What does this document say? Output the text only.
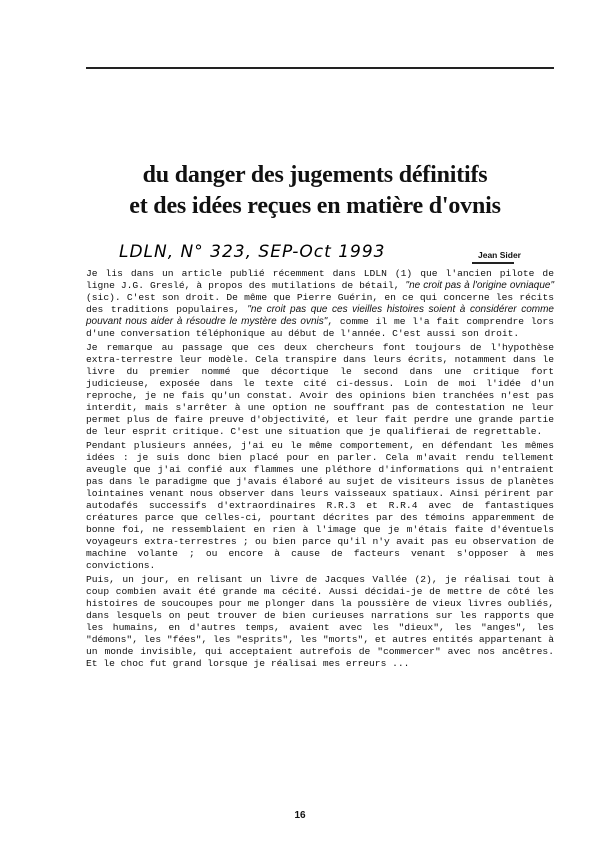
du danger des jugements définitifs
et des idées reçues en matière d'ovnis
LDLN, N° 323, SEP-Oct 1993	Jean Sider

Je lis dans un article publié récemment dans LDLN (1) que l'ancien pilote de ligne J.G. Greslé, à propos des mutilations de bétail, "ne croit pas à l'origine ovniaque" (sic). C'est son droit. De même que Pierre Guérin, en ce qui concerne les récits des traditions populaires, "ne croit pas que ces vieilles histoires soient à considérer comme pouvant nous aider à résoudre le mystère des ovnis", comme il me l'a fait comprendre lors d'une conversation téléphonique au début de l'année. C'est aussi son droit.

Je remarque au passage que ces deux chercheurs font toujours de l'hypothèse extra-terrestre leur modèle. Cela transpire dans leurs écrits, notamment dans le livre du premier nommé que décortique le second dans une critique fort judicieuse, exposée dans le texte cité ci-dessus. Loin de moi l'idée d'un reproche, je ne fais qu'un constat. Avoir des opinions bien tranchées n'est pas interdit, mais s'arrêter à une option ne souffrant pas de contestation ne leur permet plus de faire preuve d'objectivité, et leur fait perdre une grande partie de leur esprit critique. C'est une situation que je qualifierai de regrettable.

Pendant plusieurs années, j'ai eu le même comportement, en défendant les mêmes idées : je suis donc bien placé pour en parler. Cela m'avait rendu tellement aveugle que j'ai confié aux flammes une pléthore d'informations qui n'entraient pas dans le paradigme que j'avais élaboré au sujet de visiteurs issus de planètes lointaines venant nous observer dans leurs vaisseaux spatiaux. Ainsi périrent par autodafés successifs d'extraordinaires R.R.3 et R.R.4 avec de fantastiques créatures parce que celles-ci, pourtant décrites par des témoins apparemment de bonne foi, ne ressemblaient en rien à l'image que je m'étais faite d'éventuels voyageurs extra-terrestres ; ou bien parce qu'il n'y avait pas eu observation de machine volante ; ou encore à cause de facteurs venant s'opposer à mes convictions.

Puis, un jour, en relisant un livre de Jacques Vallée (2), je réalisai tout à coup combien avait été grande ma cécité. Aussi décidai-je de mettre de côté les histoires de soucoupes pour me plonger dans la poussière de vieux livres oubliés, dans lesquels on peut trouver de bien curieuses narrations sur les rapports que les humains, en d'autres temps, avaient avec les "dieux", les "anges", les "démons", les "fées", les "esprits", les "morts", et autres entités appartenant à un monde invisible, qui acceptaient autrefois de "commercer" avec nos ancêtres. Et le choc fut grand lorsque je réalisai mes erreurs ...

16
